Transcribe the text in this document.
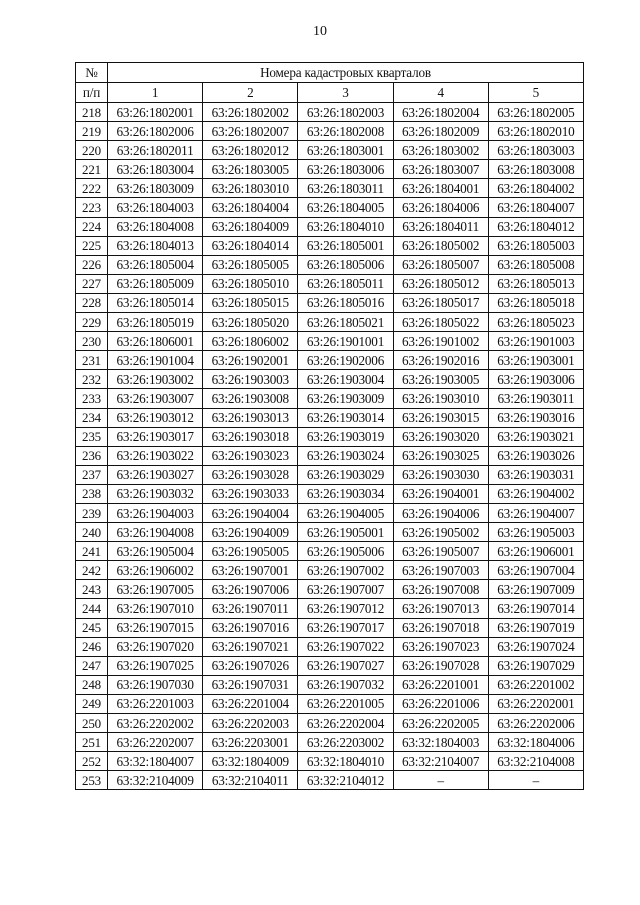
10
№	Номера кадастровых кварталов				
п/п	1	2	3	4	5
218	63:26:1802001	63:26:1802002	63:26:1802003	63:26:1802004	63:26:1802005
219	63:26:1802006	63:26:1802007	63:26:1802008	63:26:1802009	63:26:1802010
220	63:26:1802011	63:26:1802012	63:26:1803001	63:26:1803002	63:26:1803003
221	63:26:1803004	63:26:1803005	63:26:1803006	63:26:1803007	63:26:1803008
222	63:26:1803009	63:26:1803010	63:26:1803011	63:26:1804001	63:26:1804002
223	63:26:1804003	63:26:1804004	63:26:1804005	63:26:1804006	63:26:1804007
224	63:26:1804008	63:26:1804009	63:26:1804010	63:26:1804011	63:26:1804012
225	63:26:1804013	63:26:1804014	63:26:1805001	63:26:1805002	63:26:1805003
226	63:26:1805004	63:26:1805005	63:26:1805006	63:26:1805007	63:26:1805008
227	63:26:1805009	63:26:1805010	63:26:1805011	63:26:1805012	63:26:1805013
228	63:26:1805014	63:26:1805015	63:26:1805016	63:26:1805017	63:26:1805018
229	63:26:1805019	63:26:1805020	63:26:1805021	63:26:1805022	63:26:1805023
230	63:26:1806001	63:26:1806002	63:26:1901001	63:26:1901002	63:26:1901003
231	63:26:1901004	63:26:1902001	63:26:1902006	63:26:1902016	63:26:1903001
232	63:26:1903002	63:26:1903003	63:26:1903004	63:26:1903005	63:26:1903006
233	63:26:1903007	63:26:1903008	63:26:1903009	63:26:1903010	63:26:1903011
234	63:26:1903012	63:26:1903013	63:26:1903014	63:26:1903015	63:26:1903016
235	63:26:1903017	63:26:1903018	63:26:1903019	63:26:1903020	63:26:1903021
236	63:26:1903022	63:26:1903023	63:26:1903024	63:26:1903025	63:26:1903026
237	63:26:1903027	63:26:1903028	63:26:1903029	63:26:1903030	63:26:1903031
238	63:26:1903032	63:26:1903033	63:26:1903034	63:26:1904001	63:26:1904002
239	63:26:1904003	63:26:1904004	63:26:1904005	63:26:1904006	63:26:1904007
240	63:26:1904008	63:26:1904009	63:26:1905001	63:26:1905002	63:26:1905003
241	63:26:1905004	63:26:1905005	63:26:1905006	63:26:1905007	63:26:1906001
242	63:26:1906002	63:26:1907001	63:26:1907002	63:26:1907003	63:26:1907004
243	63:26:1907005	63:26:1907006	63:26:1907007	63:26:1907008	63:26:1907009
244	63:26:1907010	63:26:1907011	63:26:1907012	63:26:1907013	63:26:1907014
245	63:26:1907015	63:26:1907016	63:26:1907017	63:26:1907018	63:26:1907019
246	63:26:1907020	63:26:1907021	63:26:1907022	63:26:1907023	63:26:1907024
247	63:26:1907025	63:26:1907026	63:26:1907027	63:26:1907028	63:26:1907029
248	63:26:1907030	63:26:1907031	63:26:1907032	63:26:2201001	63:26:2201002
249	63:26:2201003	63:26:2201004	63:26:2201005	63:26:2201006	63:26:2202001
250	63:26:2202002	63:26:2202003	63:26:2202004	63:26:2202005	63:26:2202006
251	63:26:2202007	63:26:2203001	63:26:2203002	63:32:1804003	63:32:1804006
252	63:32:1804007	63:32:1804009	63:32:1804010	63:32:2104007	63:32:2104008
253	63:32:2104009	63:32:2104011	63:32:2104012	–	–
